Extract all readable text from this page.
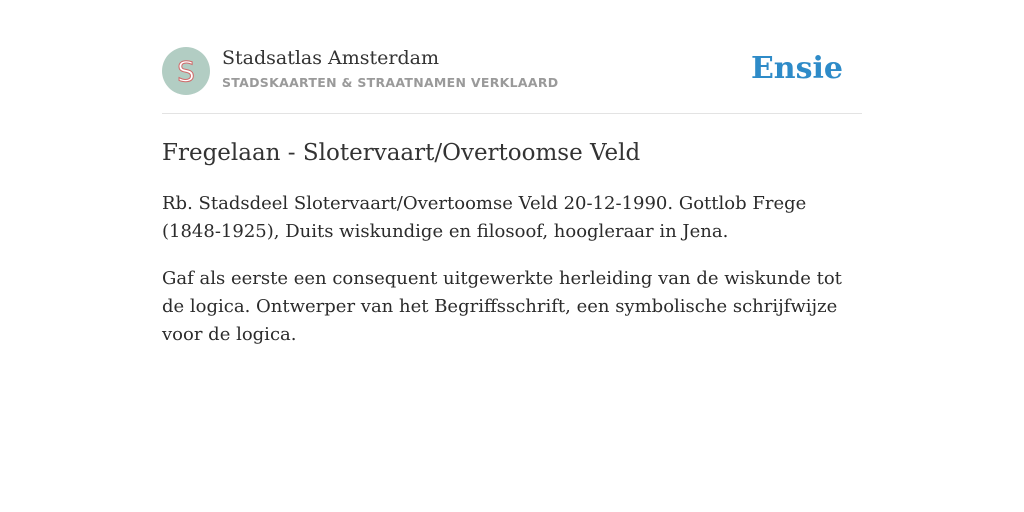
S Stadsatlas Amsterdam
STADSKAARTEN & STRAATNAMEN VERKLAARD	Ensie
Fregelaan - Slotervaart/Overtoomse Veld

Rb. Stadsdeel Slotervaart/Overtoomse Veld 20-12-1990. Gottlob Frege (1848-1925), Duits wiskundige en filosoof, hoogleraar in Jena.

Gaf als eerste een consequent uitgewerkte herleiding van de wiskunde tot de logica. Ontwerper van het Begriffsschrift, een symbolische schrijfwijze voor de logica.
